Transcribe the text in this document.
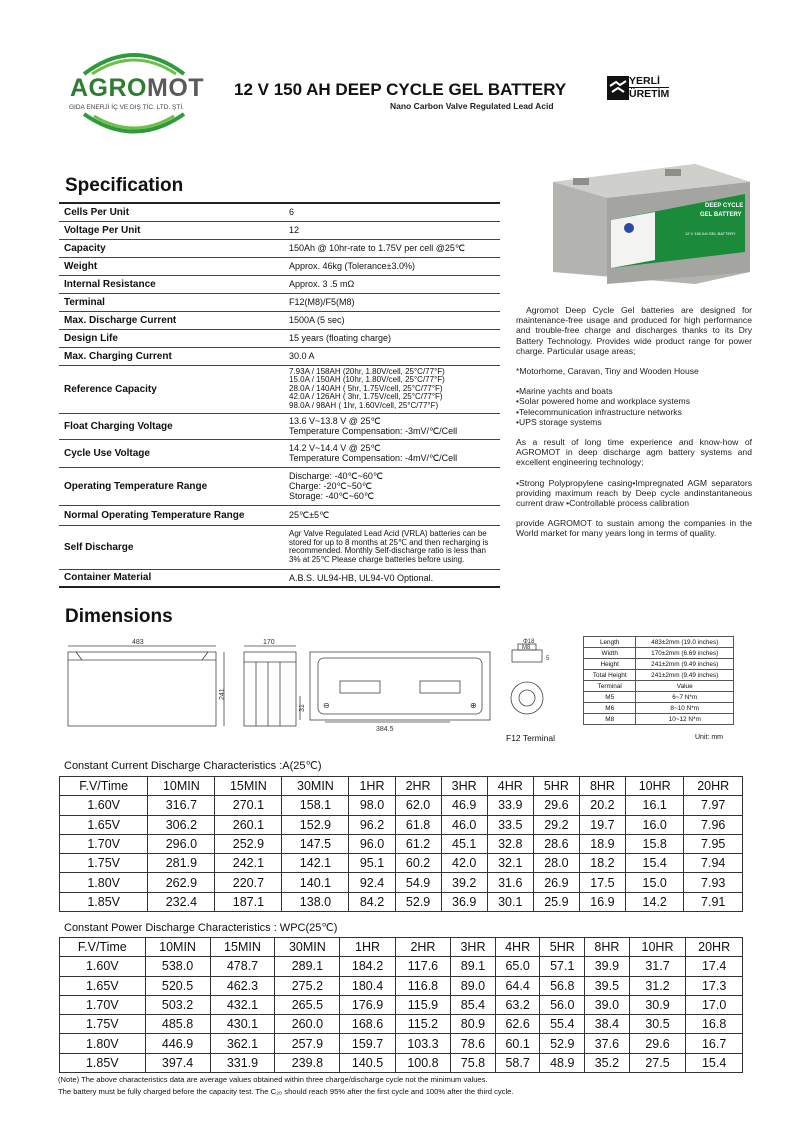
AGROMOT
GIDA ENERJİ İÇ VE DIŞ TİC. LTD. ŞTİ.
12 V 150 AH DEEP CYCLE GEL BATTERY
Nano Carbon Valve Regulated Lead Acid
YERLİ
ÜRETİM
Specification
Cells Per Unit	6

Voltage Per Unit	12

Capacity	150Ah @ 10hr-rate to 1.75V per cell @25℃

Weight	Approx. 46kg (Tolerance±3.0%)

Internal Resistance	Approx. 3 .5 mΩ

Terminal	F12(M8)/F5(M8)

Max. Discharge Current	1500A (5 sec)

Design Life	15 years (floating charge)

Max. Charging Current	30.0 A

Reference Capacity	7.93A / 158AH (20hr, 1.80V/cell, 25°C/77°F)
15.0A / 150AH (10hr, 1.80V/cell, 25°C/77°F)
28.0A / 140AH ( 5hr, 1.75V/cell, 25°C/77°F)
42.0A / 126AH ( 3hr, 1.75V/cell, 25°C/77°F)
98.0A / 98AH ( 1hr, 1.60V/cell, 25°C/77°F)

Float Charging Voltage	13.6 V~13.8 V @ 25℃
Temperature Compensation: -3mV/℃/Cell

Cycle Use Voltage	14.2 V~14.4 V @ 25℃
Temperature Compensation: -4mV/℃/Cell

Operating Temperature Range	Discharge: -40℃~60℃
Charge: -20℃~50℃
Storage: -40℃~60℃

Normal Operating Temperature Range	25℃±5℃

Self Discharge	Agr Valve Regulated Lead Acid (VRLA) batteries can be
stored for up to 8 months at 25℃ and then recharging is
recommended. Monthly Self-discharge ratio is less than
3% at 25℃ Please charge batteries before using.

Container Material	A.B.S. UL94-HB, UL94-V0 Optional.
DEEP CYCLE
GEL BATTERY
12 V 150 AH GEL BATTERY

Agromot Deep Cycle Gel batteries are designed for maintenance-free usage and produced for high performance and trouble-free charge and discharges thanks to its Dry Battery Technology. Provides wide product range for power charge. Particular usage areas;

*Motorhome, Caravan, Tiny and Wooden House

•Marine yachts and boats
•Solar powered home and workplace systems
•Telecommunication infrastructure networks
•UPS storage systems

As a result of long time experience and know-how of AGROMOT in deep discharge agm battery systems and excellent engineering technology;

•Strong Polypropylene casing•Impregnated AGM separators providing maximum reach by Deep cycle andinstantaneous current draw •Controllable process calibration

provide AGROMOT to sustain among the companies in the World market for many years long in terms of quality.

Dimensions
483	170
241
31
384.5
⊖	⊕
Φ18
M8
5
F12 Terminal
Length	483±2mm (19.0 inches)
Width	170±2mm (6.69 inches)
Height	241±2mm (9.49 inches)
Total Height	241±2mm (9.49 inches)
Terminal	Value
M5	6~7 N*m
M6	8~10 N*m
M8	10~12 N*m
Unit: mm
Constant Current Discharge Characteristics :A(25℃)
F.V/Time	10MIN	15MIN	30MIN	1HR	2HR	3HR	4HR	5HR	8HR	10HR	20HR
1.60V	316.7	270.1	158.1	98.0	62.0	46.9	33.9	29.6	20.2	16.1	7.97
1.65V	306.2	260.1	152.9	96.2	61.8	46.0	33.5	29.2	19.7	16.0	7.96
1.70V	296.0	252.9	147.5	96.0	61.2	45.1	32.8	28.6	18.9	15.8	7.95
1.75V	281.9	242.1	142.1	95.1	60.2	42.0	32.1	28.0	18.2	15.4	7.94
1.80V	262.9	220.7	140.1	92.4	54.9	39.2	31.6	26.9	17.5	15.0	7.93
1.85V	232.4	187.1	138.0	84.2	52.9	36.9	30.1	25.9	16.9	14.2	7.91
Constant Power Discharge Characteristics : WPC(25℃)
F.V/Time	10MIN	15MIN	30MIN	1HR	2HR	3HR	4HR	5HR	8HR	10HR	20HR
1.60V	538.0	478.7	289.1	184.2	117.6	89.1	65.0	57.1	39.9	31.7	17.4
1.65V	520.5	462.3	275.2	180.4	116.8	89.0	64.4	56.8	39.5	31.2	17.3
1.70V	503.2	432.1	265.5	176.9	115.9	85.4	63.2	56.0	39.0	30.9	17.0
1.75V	485.8	430.1	260.0	168.6	115.2	80.9	62.6	55.4	38.4	30.5	16.8
1.80V	446.9	362.1	257.9	159.7	103.3	78.6	60.1	52.9	37.6	29.6	16.7
1.85V	397.4	331.9	239.8	140.5	100.8	75.8	58.7	48.9	35.2	27.5	15.4
(Note) The above characteristics data are average values obtained within three charge/discharge cycle not the minimum values.
The battery must be fully charged before the capacity test. The C₂₀ should reach 95% after the first cycle and 100% after the third cycle.
